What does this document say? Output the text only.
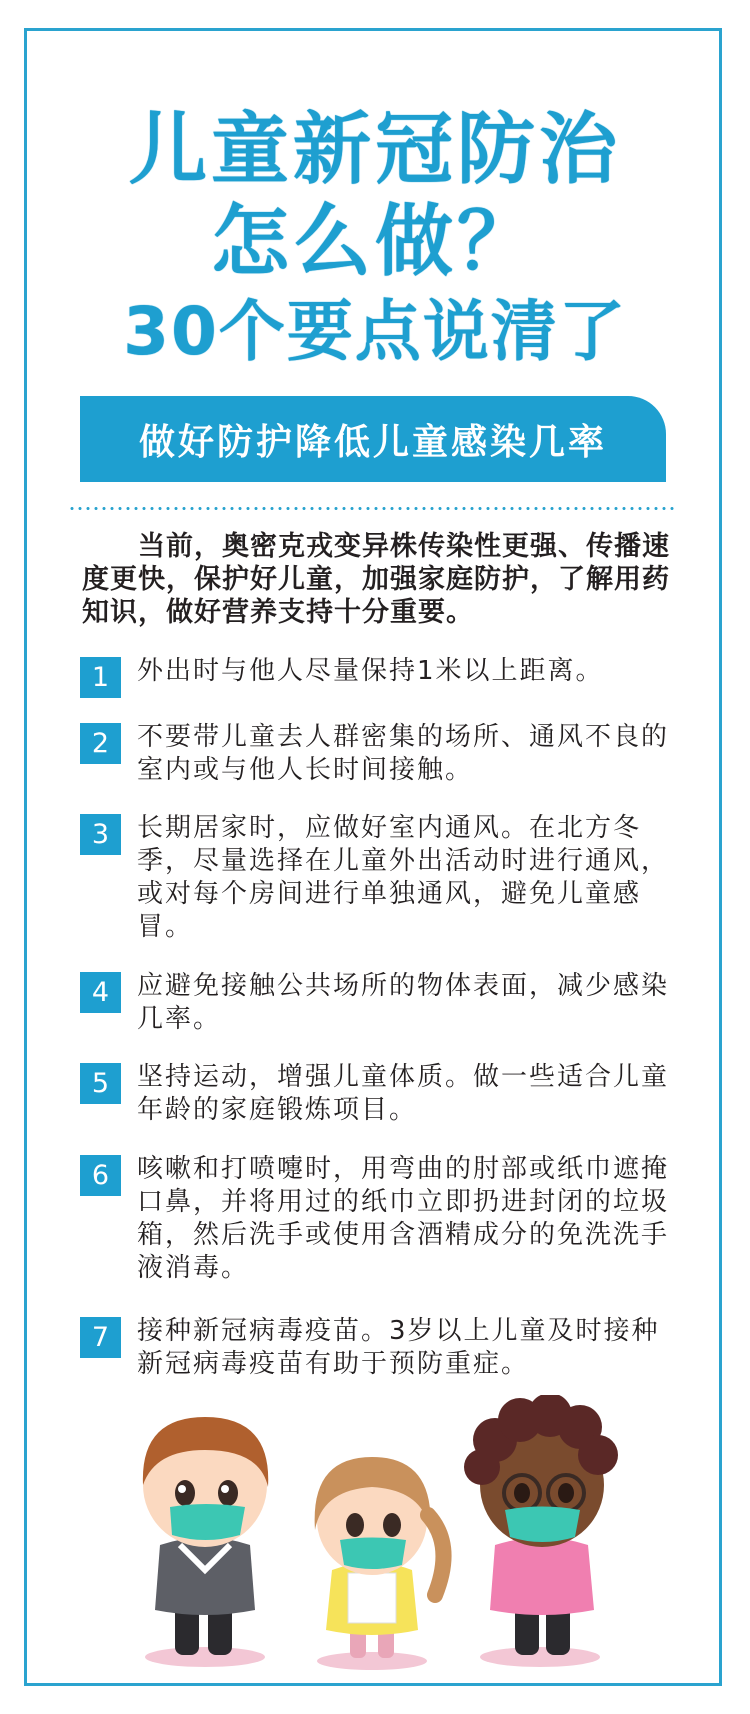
儿童新冠防治
怎么做？
30个要点说清了
做好防护降低儿童感染几率

当前，奥密克戎变异株传染性更强、传播速度更快，保护好儿童，加强家庭防护，了解用药知识，做好营养支持十分重要。

1	外出时与他人尽量保持1米以上距离。
2	不要带儿童去人群密集的场所、通风不良的室内或与他人长时间接触。
3	长期居家时，应做好室内通风。在北方冬季，尽量选择在儿童外出活动时进行通风，或对每个房间进行单独通风，避免儿童感冒。
4	应避免接触公共场所的物体表面，减少感染几率。
5	坚持运动，增强儿童体质。做一些适合儿童年龄的家庭锻炼项目。
6	咳嗽和打喷嚏时，用弯曲的肘部或纸巾遮掩口鼻，并将用过的纸巾立即扔进封闭的垃圾箱，然后洗手或使用含酒精成分的免洗洗手液消毒。
7	接种新冠病毒疫苗。3岁以上儿童及时接种新冠病毒疫苗有助于预防重症。
